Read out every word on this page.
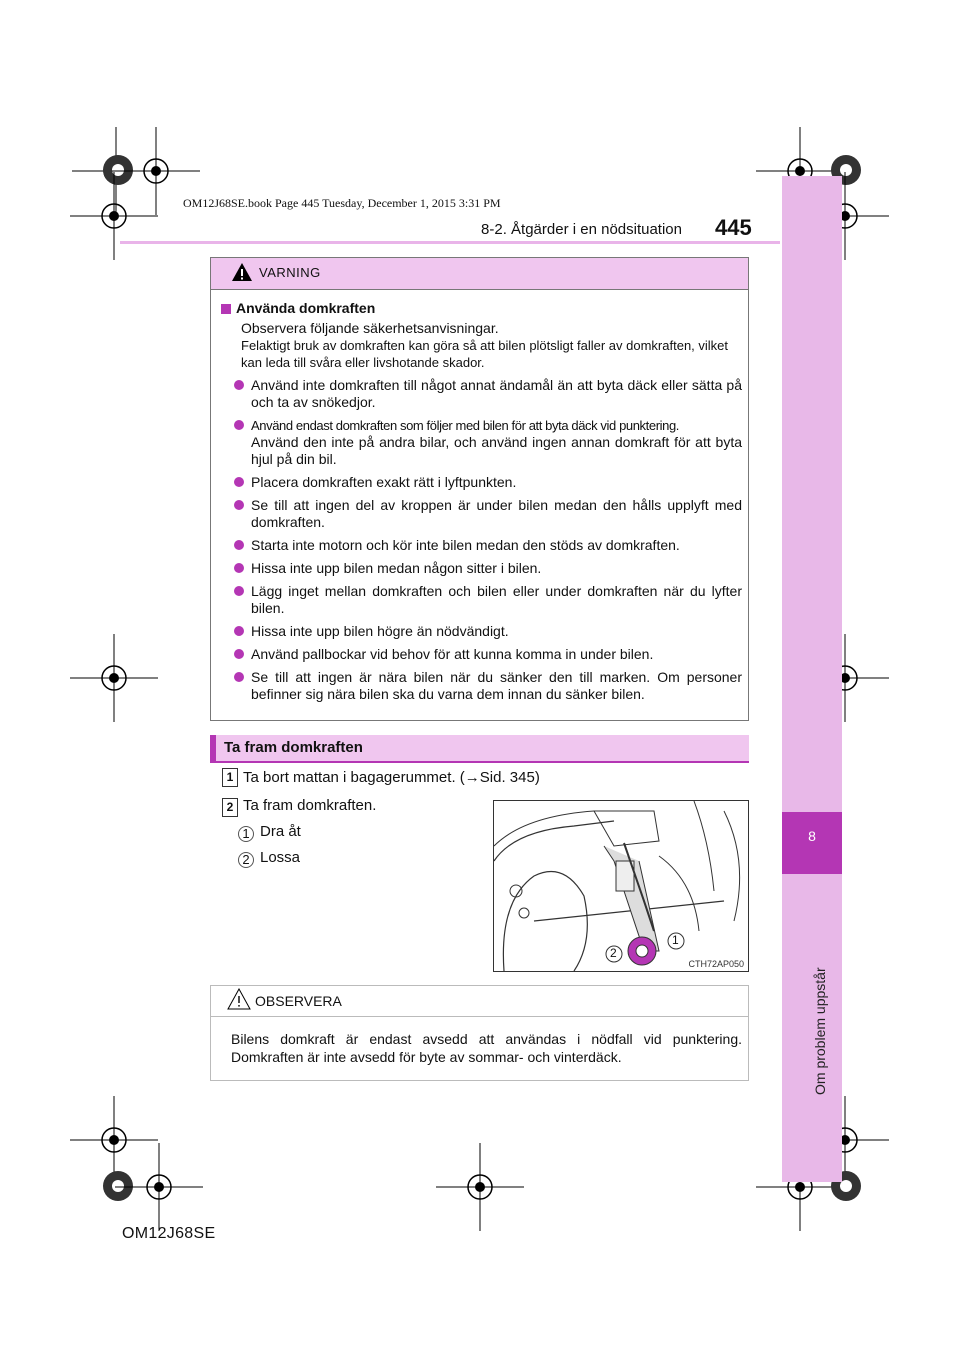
OM12J68SE.book Page 445 Tuesday, December 1, 2015 3:31 PM
8-2. Åtgärder i en nödsituation 445
8
Om problem uppstår
VARNING
Använda domkraften
Observera följande säkerhetsanvisningar.
Felaktigt bruk av domkraften kan göra så att bilen plötsligt faller av domkraften, vilket kan leda till svåra eller livshotande skador.
Använd inte domkraften till något annat ändamål än att byta däck eller sätta på och ta av snökedjor.
Använd endast domkraften som följer med bilen för att byta däck vid punktering.
Använd den inte på andra bilar, och använd ingen annan domkraft för att byta hjul på din bil.
Placera domkraften exakt rätt i lyftpunkten.
Se till att ingen del av kroppen är under bilen medan den hålls upplyft med domkraften.
Starta inte motorn och kör inte bilen medan den stöds av domkraften.
Hissa inte upp bilen medan någon sitter i bilen.
Lägg inget mellan domkraften och bilen eller under domkraften när du lyfter bilen.
Hissa inte upp bilen högre än nödvändigt.
Använd pallbockar vid behov för att kunna komma in under bilen.
Se till att ingen är nära bilen när du sänker den till marken. Om personer befinner sig nära bilen ska du varna dem innan du sänker bilen.
Ta fram domkraften
1 Ta bort mattan i bagagerummet. (→Sid. 345)
2 Ta fram domkraften.
1 Dra åt
2 Lossa
1
2
CTH72AP050
OBSERVERA
Bilens domkraft är endast avsedd att användas i nödfall vid punktering. Domkraften är inte avsedd för byte av sommar- och vinterdäck.
OM12J68SE
